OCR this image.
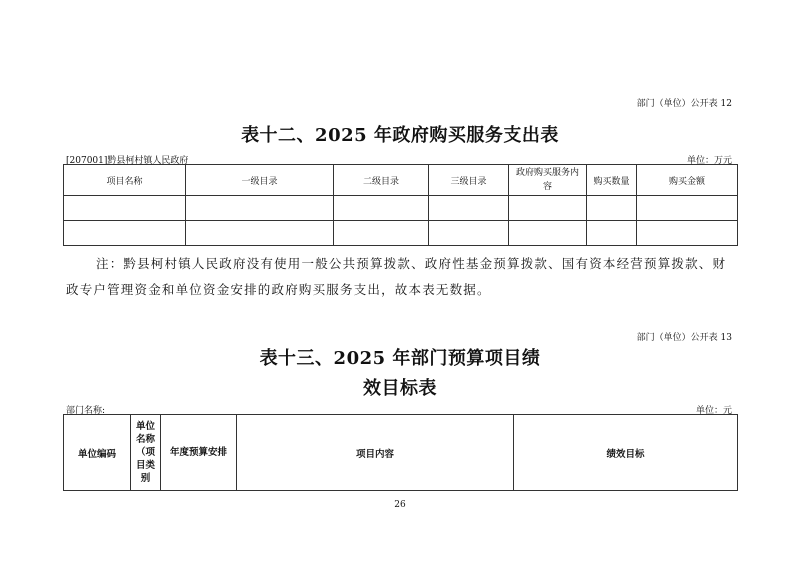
部门（单位）公开表 12
表十二、2025 年政府购买服务支出表
[207001]黔县柯村镇人民政府	单位：万元
项目名称	一级目录	二级目录	三级目录	政府购买服务内容	购买数量	购买金额

注：黔县柯村镇人民政府没有使用一般公共预算拨款、政府性基金预算拨款、国有资本经营预算拨款、财政专户管理资金和单位资金安排的政府购买服务支出，故本表无数据。
部门（单位）公开表 13
表十三、2025 年部门预算项目绩
效目标表
部门名称:	单位：元
单位编码	单位名称（项目类别	年度预算安排	项目内容	绩效目标
26
